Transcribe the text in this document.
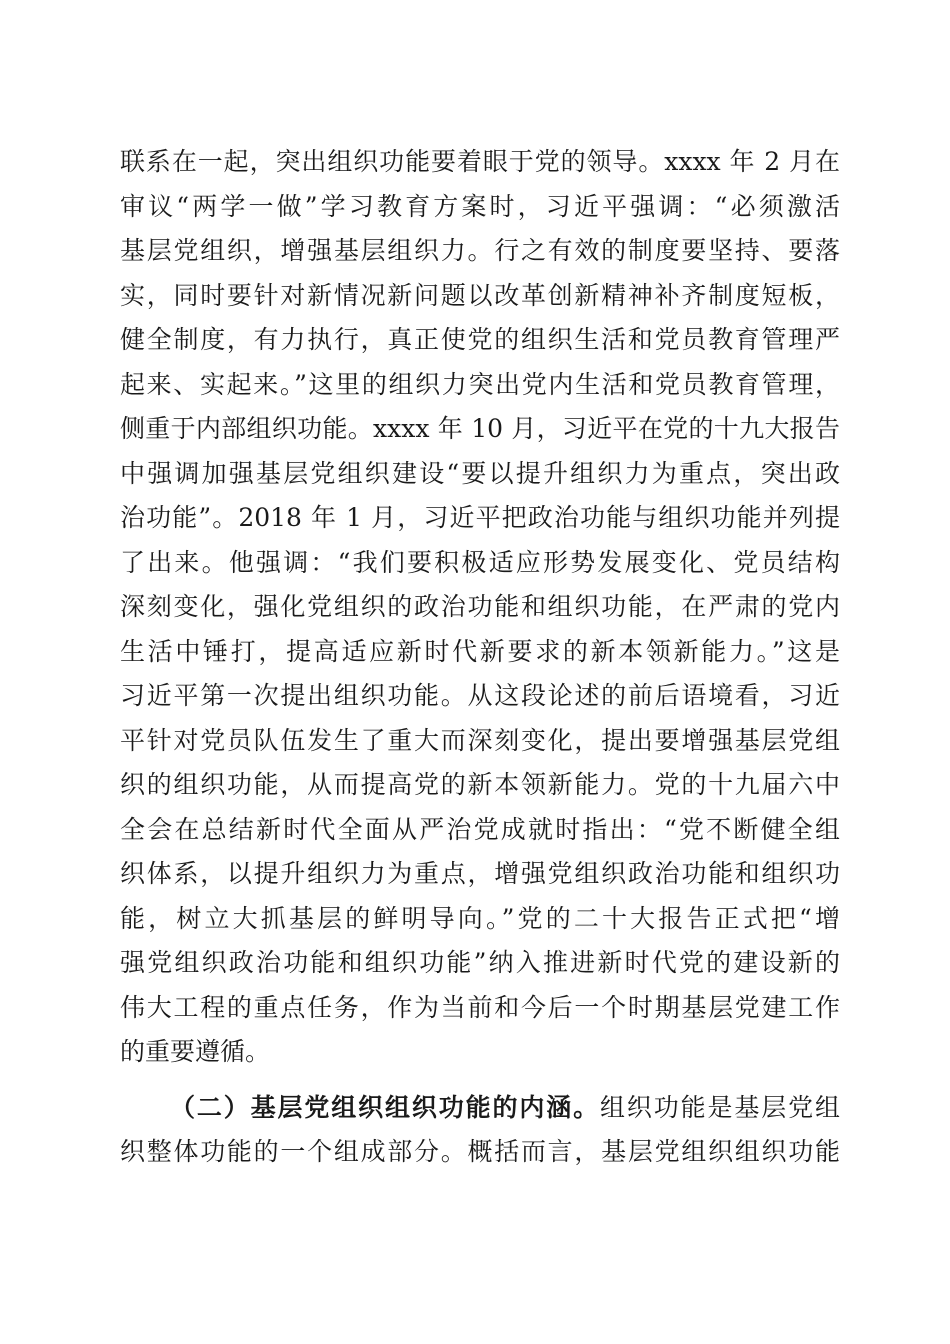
联系在一起，突出组织功能要着眼于党的领导。xxxx 年 2 月在
审议“两学一做”学习教育方案时，习近平强调：“必须激活
基层党组织，增强基层组织力。行之有效的制度要坚持、要落
实，同时要针对新情况新问题以改革创新精神补齐制度短板，
健全制度，有力执行，真正使党的组织生活和党员教育管理严
起来、实起来。”这里的组织力突出党内生活和党员教育管理，
侧重于内部组织功能。xxxx 年 10 月，习近平在党的十九大报告
中强调加强基层党组织建设“要以提升组织力为重点，突出政
治功能”。2018 年 1 月，习近平把政治功能与组织功能并列提
了出来。他强调：“我们要积极适应形势发展变化、党员结构
深刻变化，强化党组织的政治功能和组织功能，在严肃的党内
生活中锤打，提高适应新时代新要求的新本领新能力。”这是
习近平第一次提出组织功能。从这段论述的前后语境看，习近
平针对党员队伍发生了重大而深刻变化，提出要增强基层党组
织的组织功能，从而提高党的新本领新能力。党的十九届六中
全会在总结新时代全面从严治党成就时指出：“党不断健全组
织体系，以提升组织力为重点，增强党组织政治功能和组织功
能，树立大抓基层的鲜明导向。”党的二十大报告正式把“增
强党组织政治功能和组织功能”纳入推进新时代党的建设新的
伟大工程的重点任务，作为当前和今后一个时期基层党建工作
的重要遵循。
（二）基层党组织组织功能的内涵。组织功能是基层党组
织整体功能的一个组成部分。概括而言，基层党组织组织功能
